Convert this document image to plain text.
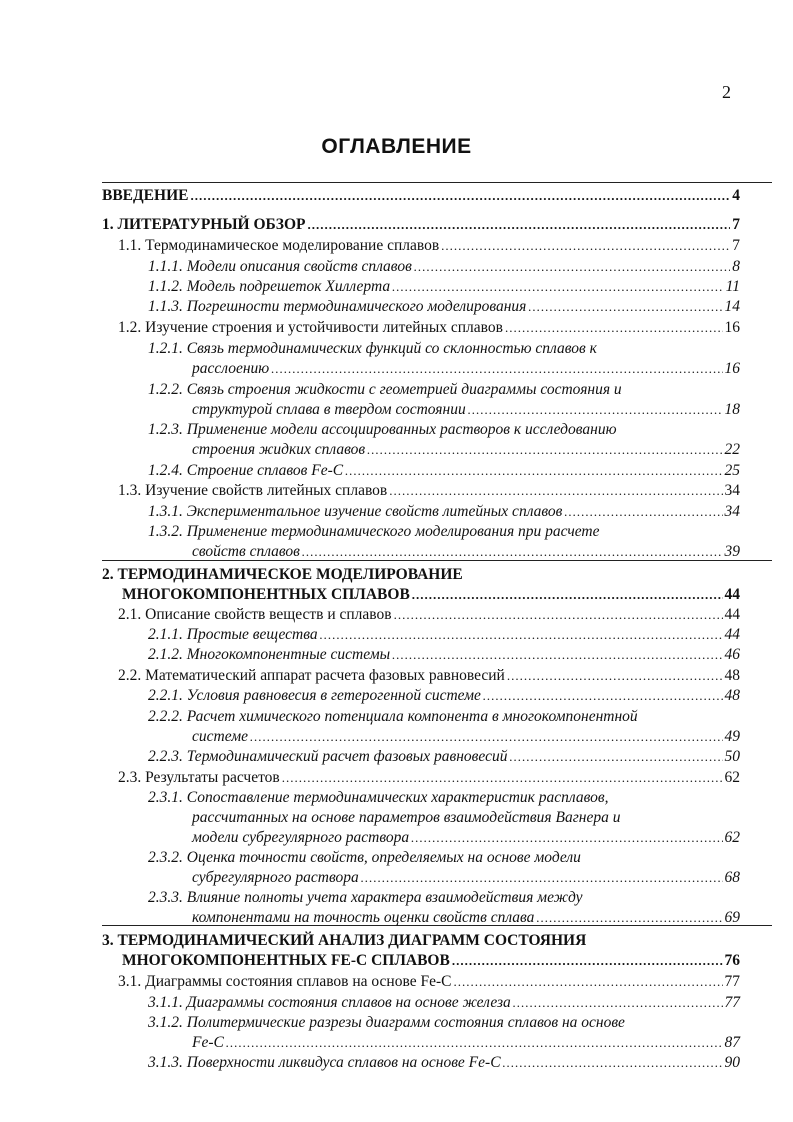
2
ОГЛАВЛЕНИЕ
ВВЕДЕНИЕ .....	4
1. ЛИТЕРАТУРНЫЙ ОБЗОР .....	7
1.1. Термодинамическое моделирование сплавов .....	7
1.1.1. Модели описания свойств сплавов .....	8
1.1.2. Модель подрешеток Хиллерта .....	11
1.1.3. Погрешности термодинамического моделирования .....	14
1.2. Изучение строения и устойчивости литейных сплавов .....	16
1.2.1. Связь термодинамических функций со склонностью сплавов к
расслоению .....	16
1.2.2. Связь строения жидкости с геометрией диаграммы состояния и
структурой сплава в твердом состоянии .....	18
1.2.3. Применение модели ассоциированных растворов к исследованию
строения жидких сплавов .....	22
1.2.4. Строение сплавов Fe-C .....	25
1.3. Изучение свойств литейных сплавов .....	34
1.3.1. Экспериментальное изучение свойств литейных сплавов .....	34
1.3.2. Применение термодинамического моделирования при расчете
свойств сплавов .....	39
2. ТЕРМОДИНАМИЧЕСКОЕ МОДЕЛИРОВАНИЕ
МНОГОКОМПОНЕНТНЫХ СПЛАВОВ .....	44
2.1. Описание свойств веществ и сплавов .....	44
2.1.1. Простые вещества .....	44
2.1.2. Многокомпонентные системы .....	46
2.2. Математический аппарат расчета фазовых равновесий .....	48
2.2.1. Условия равновесия в гетерогенной системе .....	48
2.2.2. Расчет химического потенциала компонента в многокомпонентной
системе .....	49
2.2.3. Термодинамический расчет фазовых равновесий .....	50
2.3. Результаты расчетов .....	62
2.3.1. Сопоставление термодинамических характеристик расплавов,
рассчитанных на основе параметров взаимодействия Вагнера и
модели субрегулярного раствора .....	62
2.3.2. Оценка точности свойств, определяемых на основе модели
субрегулярного раствора .....	68
2.3.3. Влияние полноты учета характера взаимодействия между
компонентами на точность оценки свойств сплава .....	69
3. ТЕРМОДИНАМИЧЕСКИЙ АНАЛИЗ ДИАГРАММ СОСТОЯНИЯ
МНОГОКОМПОНЕНТНЫХ FE-C СПЛАВОВ .....	76
3.1. Диаграммы состояния сплавов на основе Fe-C .....	77
3.1.1. Диаграммы состояния сплавов на основе железа .....	77
3.1.2. Политермические разрезы диаграмм состояния сплавов на основе
Fe-C .....	87
3.1.3. Поверхности ликвидуса сплавов на основе Fe-C .....	90
